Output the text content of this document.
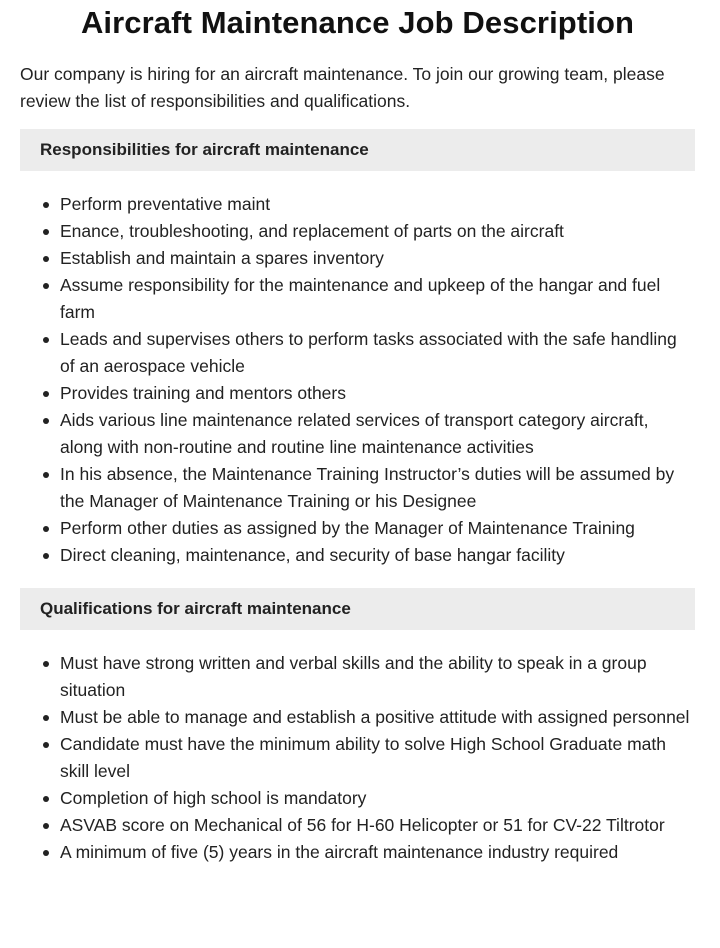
Aircraft Maintenance Job Description

Our company is hiring for an aircraft maintenance. To join our growing team, please review the list of responsibilities and qualifications.

Responsibilities for aircraft maintenance
Perform preventative maint
Enance, troubleshooting, and replacement of parts on the aircraft
Establish and maintain a spares inventory
Assume responsibility for the maintenance and upkeep of the hangar and fuel farm
Leads and supervises others to perform tasks associated with the safe handling of an aerospace vehicle
Provides training and mentors others
Aids various line maintenance related services of transport category aircraft, along with non-routine and routine line maintenance activities
In his absence, the Maintenance Training Instructor’s duties will be assumed by the Manager of Maintenance Training or his Designee
Perform other duties as assigned by the Manager of Maintenance Training
Direct cleaning, maintenance, and security of base hangar facility
Qualifications for aircraft maintenance
Must have strong written and verbal skills and the ability to speak in a group situation
Must be able to manage and establish a positive attitude with assigned personnel
Candidate must have the minimum ability to solve High School Graduate math skill level
Completion of high school is mandatory
ASVAB score on Mechanical of 56 for H-60 Helicopter or 51 for CV-22 Tiltrotor
A minimum of five (5) years in the aircraft maintenance industry required
